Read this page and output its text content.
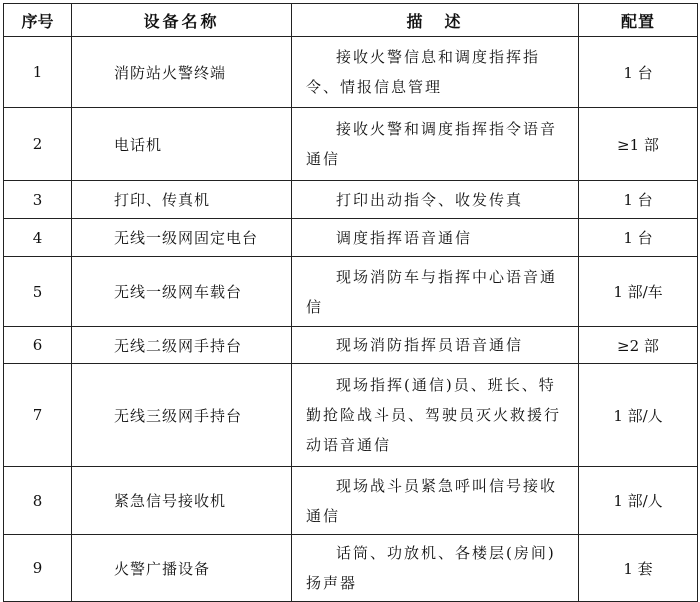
序号	设备名称	描　述	配置
1	消防站火警终端	接收火警信息和调度指挥指令、情报信息管理	1 台
2	电话机	接收火警和调度指挥指令语音通信	≥1 部
3	打印、传真机	打印出动指令、收发传真	1 台
4	无线一级网固定电台	调度指挥语音通信	1 台
5	无线一级网车载台	现场消防车与指挥中心语音通信	1 部/车
6	无线二级网手持台	现场消防指挥员语音通信	≥2 部
7	无线三级网手持台	现场指挥(通信)员、班长、特勤抢险战斗员、驾驶员灭火救援行动语音通信	1 部/人
8	紧急信号接收机	现场战斗员紧急呼叫信号接收通信	1 部/人
9	火警广播设备	话筒、功放机、各楼层(房间)扬声器	1 套
